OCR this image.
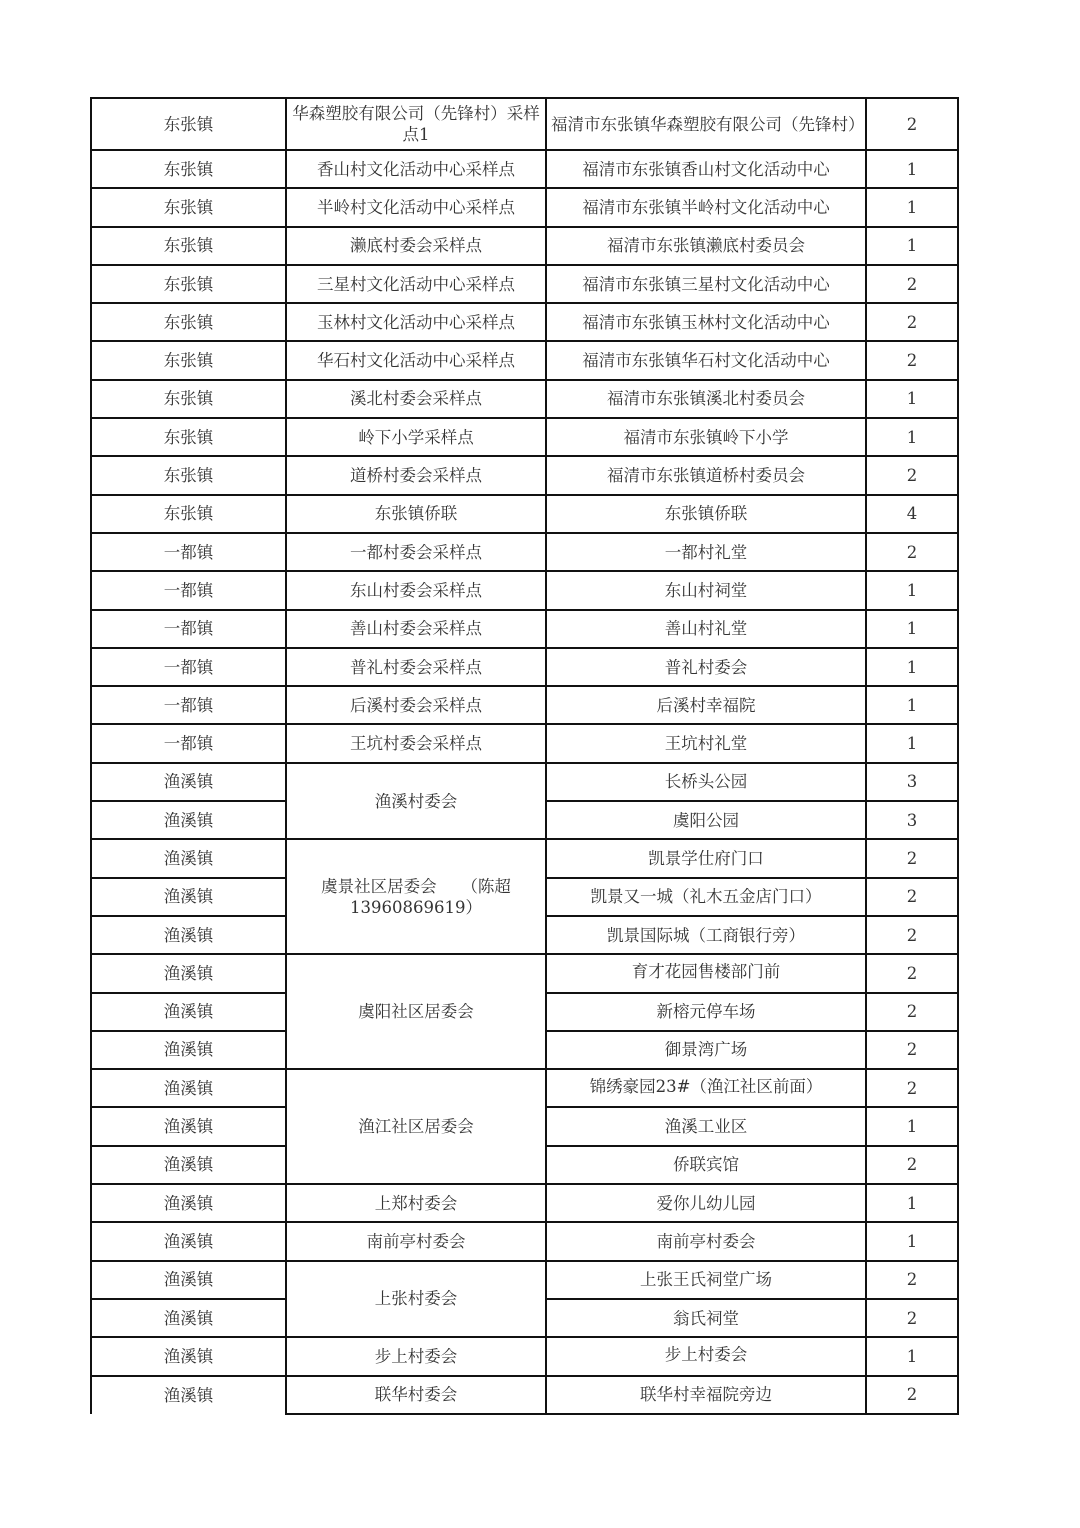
东张镇	华森塑胶有限公司（先锋村）采样点1	福清市东张镇华森塑胶有限公司（先锋村）	2
东张镇	香山村文化活动中心采样点	福清市东张镇香山村文化活动中心	1
东张镇	半岭村文化活动中心采样点	福清市东张镇半岭村文化活动中心	1
东张镇	濑底村委会采样点	福清市东张镇濑底村委员会	1
东张镇	三星村文化活动中心采样点	福清市东张镇三星村文化活动中心	2
东张镇	玉林村文化活动中心采样点	福清市东张镇玉林村文化活动中心	2
东张镇	华石村文化活动中心采样点	福清市东张镇华石村文化活动中心	2
东张镇	溪北村委会采样点	福清市东张镇溪北村委员会	1
东张镇	岭下小学采样点	福清市东张镇岭下小学	1
东张镇	道桥村委会采样点	福清市东张镇道桥村委员会	2
东张镇	东张镇侨联	东张镇侨联	4
一都镇	一都村委会采样点	一都村礼堂	2
一都镇	东山村委会采样点	东山村祠堂	1
一都镇	善山村委会采样点	善山村礼堂	1
一都镇	普礼村委会采样点	普礼村委会	1
一都镇	后溪村委会采样点	后溪村幸福院	1
一都镇	王坑村委会采样点	王坑村礼堂	1
渔溪镇	渔溪村委会	长桥头公园	3
渔溪镇		虞阳公园	3
渔溪镇	虞景社区居委会　　（陈超13960869619）	凯景学仕府门口	2
渔溪镇		凯景又一城（礼木五金店门口）	2
渔溪镇		凯景国际城（工商银行旁）	2
渔溪镇	虞阳社区居委会	育才花园售楼部门前	2
渔溪镇		新榕元停车场	2
渔溪镇		御景湾广场	2
渔溪镇	渔江社区居委会	锦绣豪园23#（渔江社区前面）	2
渔溪镇		渔溪工业区	1
渔溪镇		侨联宾馆	2
渔溪镇	上郑村委会	爱你儿幼儿园	1
渔溪镇	南前亭村委会	南前亭村委会	1
渔溪镇	上张村委会	上张王氏祠堂广场	2
渔溪镇		翁氏祠堂	2
渔溪镇	步上村委会	步上村委会	1
渔溪镇	联华村委会	联华村幸福院旁边	2
